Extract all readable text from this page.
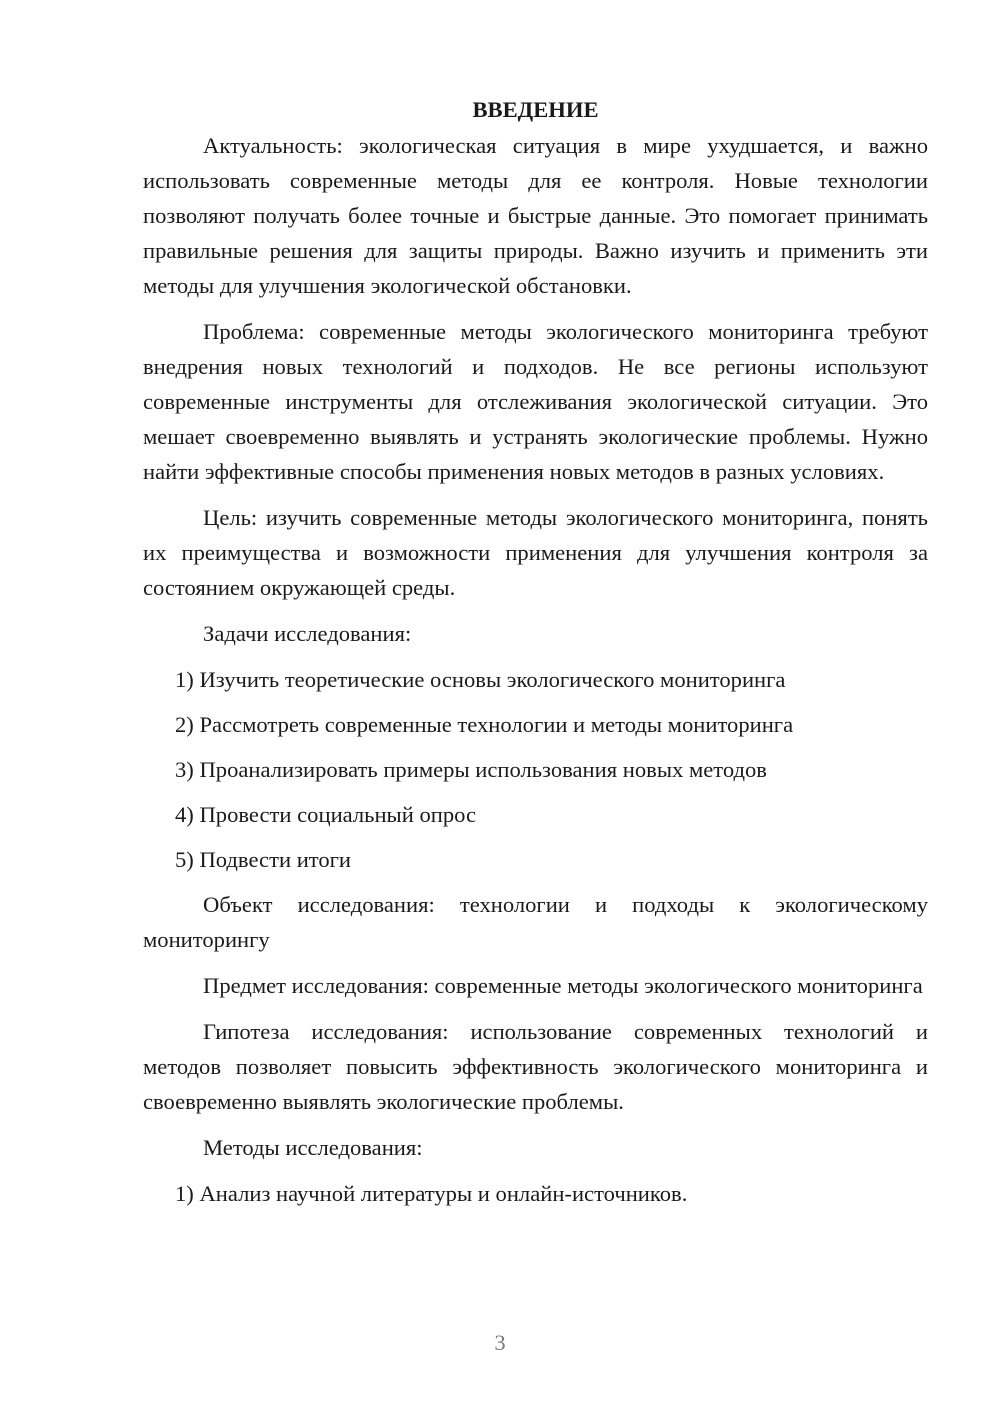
ВВЕДЕНИЕ

Актуальность: экологическая ситуация в мире ухудшается, и важно использовать современные методы для ее контроля. Новые технологии позволяют получать более точные и быстрые данные. Это помогает принимать правильные решения для защиты природы. Важно изучить и применить эти методы для улучшения экологической обстановки.

Проблема: современные методы экологического мониторинга требуют внедрения новых технологий и подходов. Не все регионы используют современные инструменты для отслеживания экологической ситуации. Это мешает своевременно выявлять и устранять экологические проблемы. Нужно найти эффективные способы применения новых методов в разных условиях.

Цель: изучить современные методы экологического мониторинга, понять их преимущества и возможности применения для улучшения контроля за состоянием окружающей среды.

Задачи исследования:

1) Изучить теоретические основы экологического мониторинга
2) Рассмотреть современные технологии и методы мониторинга
3) Проанализировать примеры использования новых методов
4) Провести социальный опрос
5) Подвести итоги

Объект исследования: технологии и подходы к экологическому мониторингу

Предмет исследования: современные методы экологического мониторинга

Гипотеза исследования: использование современных технологий и методов позволяет повысить эффективность экологического мониторинга и своевременно выявлять экологические проблемы.

Методы исследования:

1) Анализ научной литературы и онлайн-источников.
3
